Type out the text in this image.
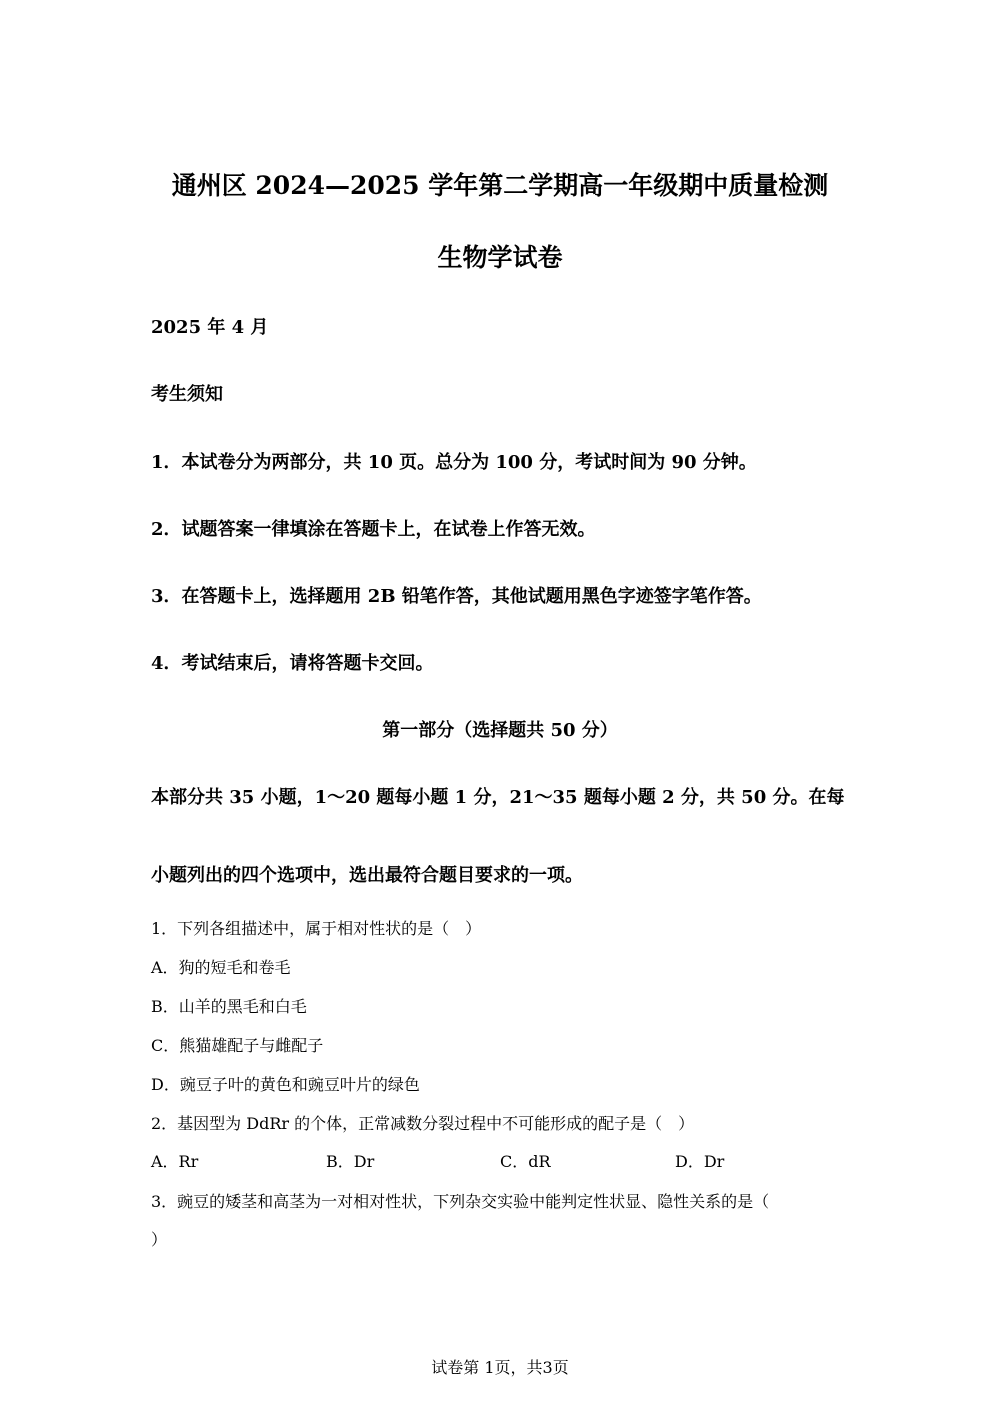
通州区 2024—2025 学年第二学期高一年级期中质量检测
生物学试卷
2025 年 4 月
考生须知
1．本试卷分为两部分，共 10 页。总分为 100 分，考试时间为 90 分钟。
2．试题答案一律填涂在答题卡上，在试卷上作答无效。
3．在答题卡上，选择题用 2B 铅笔作答，其他试题用黑色字迹签字笔作答。
4．考试结束后，请将答题卡交回。
第一部分（选择题共 50 分）
本部分共 35 小题，1～20 题每小题 1 分，21～35 题每小题 2 分，共 50 分。在每
小题列出的四个选项中，选出最符合题目要求的一项。
1．下列各组描述中，属于相对性状的是（　）
A．狗的短毛和卷毛
B．山羊的黑毛和白毛
C．熊猫雄配子与雌配子
D．豌豆子叶的黄色和豌豆叶片的绿色
2．基因型为 DdRr 的个体，正常减数分裂过程中不可能形成的配子是（　）
A．Rr	B．Dr	C．dR	D．Dr
3．豌豆的矮茎和高茎为一对相对性状，下列杂交实验中能判定性状显、隐性关系的是（
）
试卷第 1页，共3页
